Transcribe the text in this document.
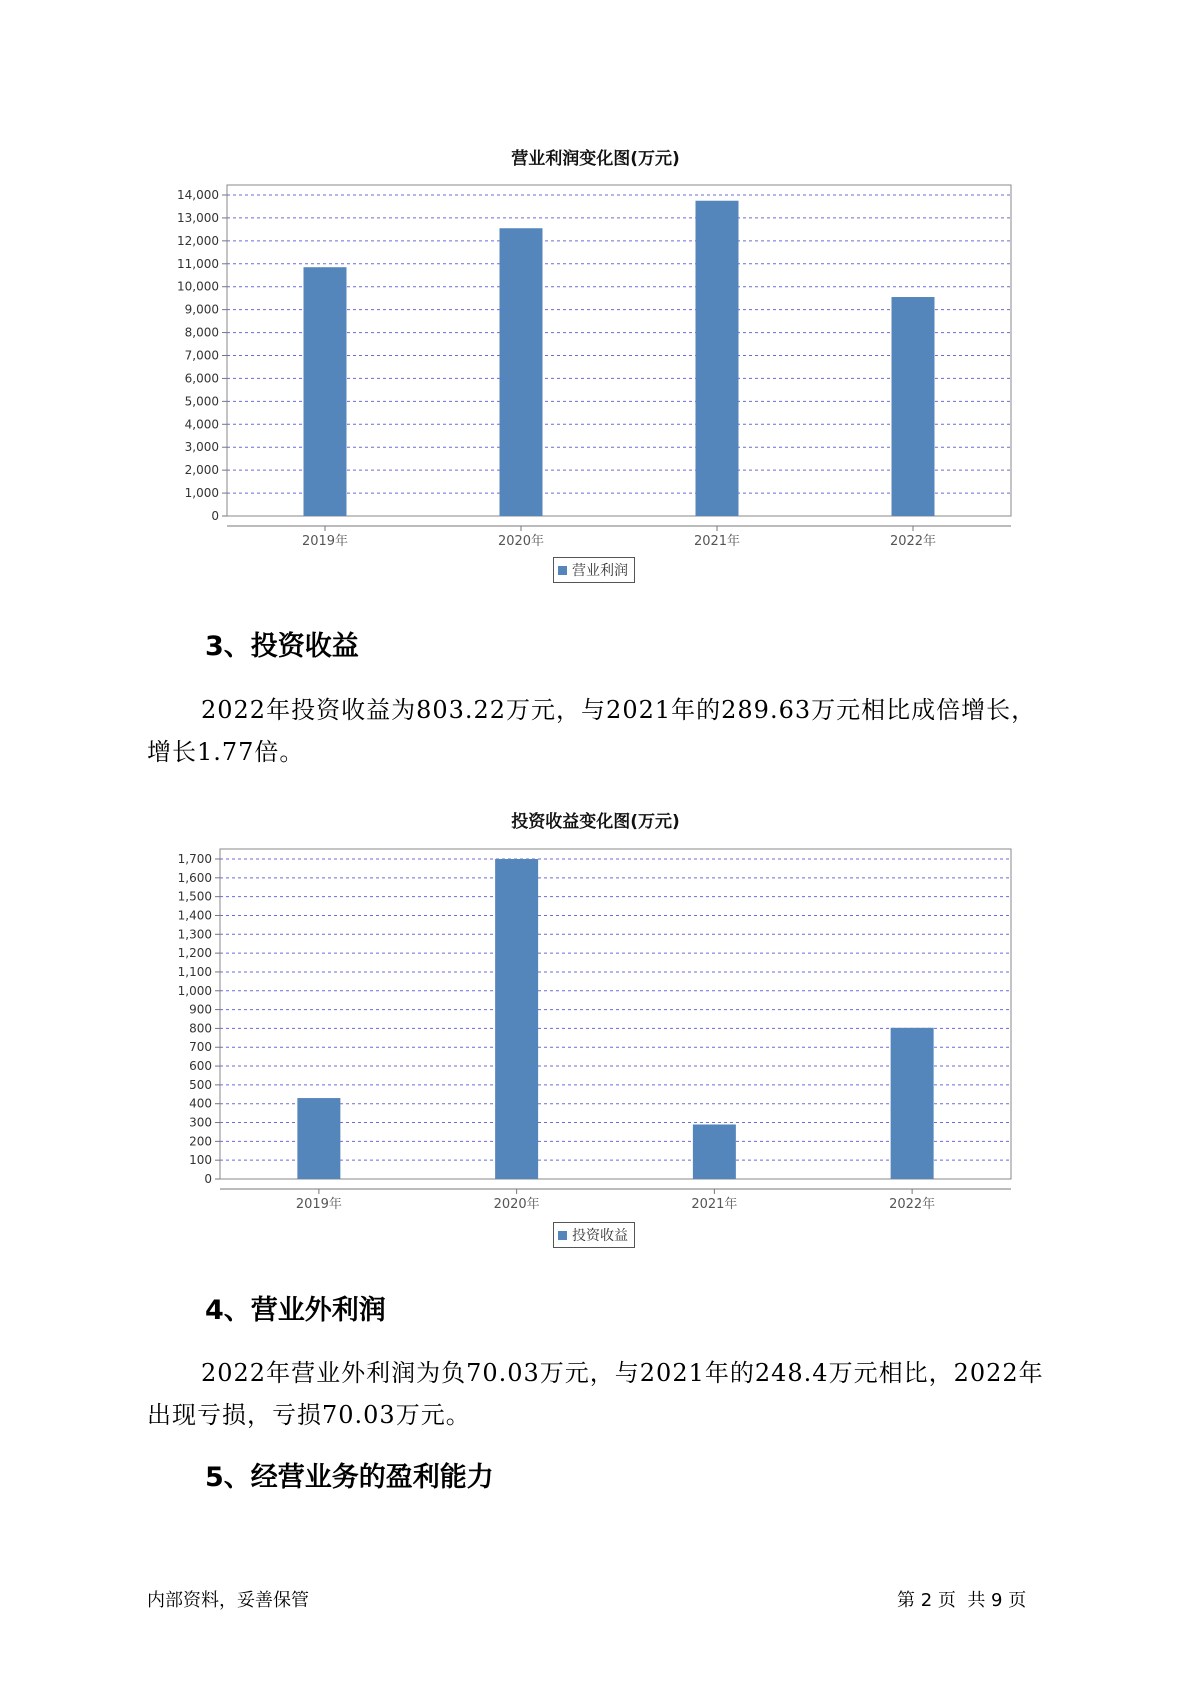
营业利润变化图(万元)
0
1,000
2,000
3,000
4,000
5,000
6,000
7,000
8,000
9,000
10,000
11,000
12,000
13,000
14,000
2019年	2020年	2021年	2022年
营业利润
3、投资收益

2022年投资收益为803.22万元，与2021年的289.63万元相比成倍增长，增长1.77倍。

投资收益变化图(万元)
0
100
200
300
400
500
600
700
800
900
1,000
1,100
1,200
1,300
1,400
1,500
1,600
1,700
2019年	2020年	2021年	2022年
投资收益
4、营业外利润

2022年营业外利润为负70.03万元，与2021年的248.4万元相比，2022年出现亏损，亏损70.03万元。

5、经营业务的盈利能力
内部资料，妥善保管	第 2 页  共 9 页
